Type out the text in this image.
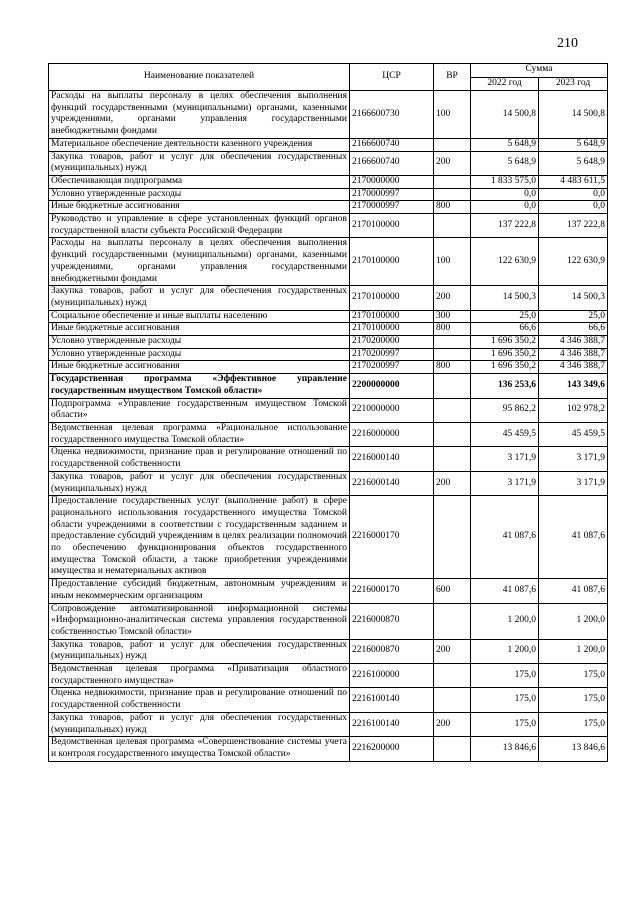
210
Наименование показателей	ЦСР	ВР	Сумма	
			2022 год	2023 год
Расходы на выплаты персоналу в целях обеспечения выполнения функций государственными (муниципальными) органами, казенными учреждениями, органами управления государственными внебюджетными фондами	2166600730	100	14 500,8	14 500,8
Материальное обеспечение деятельности казенного учреждения	2166600740		5 648,9	5 648,9
Закупка товаров, работ и услуг для обеспечения государственных (муниципальных) нужд	2166600740	200	5 648,9	5 648,9
Обеспечивающая подпрограмма	2170000000		1 833 575,0	4 483 611,5
Условно утвержденные расходы	2170000997		0,0	0,0
Иные бюджетные ассигнования	2170000997	800	0,0	0,0
Руководство и управление в сфере установленных функций органов государственной власти субъекта Российской Федерации	2170100000		137 222,8	137 222,8
Расходы на выплаты персоналу в целях обеспечения выполнения функций государственными (муниципальными) органами, казенными учреждениями, органами управления государственными внебюджетными фондами	2170100000	100	122 630,9	122 630,9
Закупка товаров, работ и услуг для обеспечения государственных (муниципальных) нужд	2170100000	200	14 500,3	14 500,3
Социальное обеспечение и иные выплаты населению	2170100000	300	25,0	25,0
Иные бюджетные ассигнования	2170100000	800	66,6	66,6
Условно утвержденные расходы	2170200000		1 696 350,2	4 346 388,7
Условно утвержденные расходы	2170200997		1 696 350,2	4 346 388,7
Иные бюджетные ассигнования	2170200997	800	1 696 350,2	4 346 388,7
Государственная программа «Эффективное управление государственным имуществом Томской области»	2200000000		136 253,6	143 349,6
Подпрограмма «Управление государственным имуществом Томской области»	2210000000		95 862,2	102 978,2
Ведомственная целевая программа «Рациональное использование государственного имущества Томской области»	2216000000		45 459,5	45 459,5
Оценка недвижимости, признание прав и регулирование отношений по государственной собственности	2216000140		3 171,9	3 171,9
Закупка товаров, работ и услуг для обеспечения государственных (муниципальных) нужд	2216000140	200	3 171,9	3 171,9
Предоставление государственных услуг (выполнение работ) в сфере рационального использования государственного имущества Томской области учреждениями в соответствии с государственным заданием и предоставление субсидий учреждениям в целях реализации полномочий по обеспечению функционирования объектов государственного имущества Томской области, а также приобретения учреждениями имущества и нематериальных активов	2216000170		41 087,6	41 087,6
Предоставление субсидий бюджетным, автономным учреждениям и иным некоммерческим организациям	2216000170	600	41 087,6	41 087,6
Сопровождение автоматизированной информационной системы «Информационно-аналитическая система управления государственной собственностью Томской области»	2216000870		1 200,0	1 200,0
Закупка товаров, работ и услуг для обеспечения государственных (муниципальных) нужд	2216000870	200	1 200,0	1 200,0
Ведомственная целевая программа «Приватизация областного государственного имущества»	2216100000		175,0	175,0
Оценка недвижимости, признание прав и регулирование отношений по государственной собственности	2216100140		175,0	175,0
Закупка товаров, работ и услуг для обеспечения государственных (муниципальных) нужд	2216100140	200	175,0	175,0
Ведомственная целевая программа «Совершенствование системы учета и контроля государственного имущества Томской области»	2216200000		13 846,6	13 846,6
